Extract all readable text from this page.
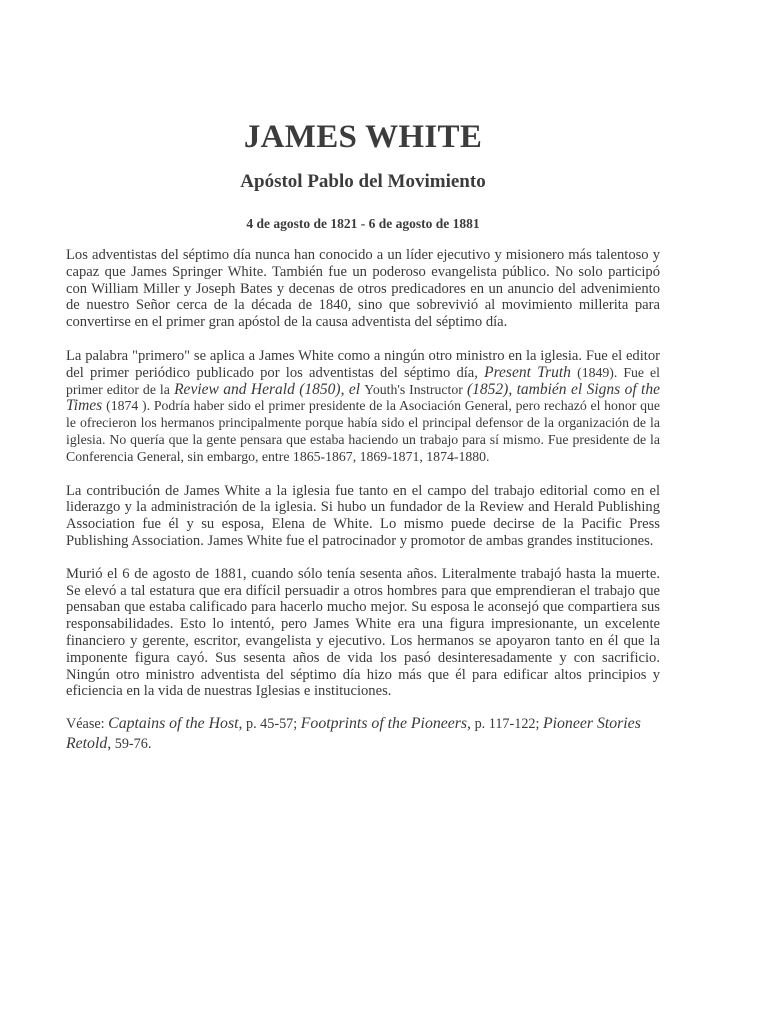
JAMES WHITE
Apóstol Pablo del Movimiento
4 de agosto de 1821 - 6 de agosto de 1881

Los adventistas del séptimo día nunca han conocido a un líder ejecutivo y misionero más talentoso y capaz que James Springer White. También fue un poderoso evangelista público. No solo participó con William Miller y Joseph Bates y decenas de otros predicadores en un anuncio del advenimiento de nuestro Señor cerca de la década de 1840, sino que sobrevivió al movimiento millerita para convertirse en el primer gran apóstol de la causa adventista del séptimo día.

La palabra "primero" se aplica a James White como a ningún otro ministro en la iglesia. Fue el editor del primer periódico publicado por los adventistas del séptimo día, Present Truth (1849). Fue el primer editor de la Review and Herald (1850), el Youth's Instructor (1852), también el Signs of the Times (1874 ). Podría haber sido el primer presidente de la Asociación General, pero rechazó el honor que le ofrecieron los hermanos principalmente porque había sido el principal defensor de la organización de la iglesia. No quería que la gente pensara que estaba haciendo un trabajo para sí mismo. Fue presidente de la Conferencia General, sin embargo, entre 1865-1867, 1869-1871, 1874-1880.

La contribución de James White a la iglesia fue tanto en el campo del trabajo editorial como en el liderazgo y la administración de la iglesia. Si hubo un fundador de la Review and Herald Publishing Association fue él y su esposa, Elena de White. Lo mismo puede decirse de la Pacific Press Publishing Association. James White fue el patrocinador y promotor de ambas grandes instituciones.

Murió el 6 de agosto de 1881, cuando sólo tenía sesenta años. Literalmente trabajó hasta la muerte. Se elevó a tal estatura que era difícil persuadir a otros hombres para que emprendieran el trabajo que pensaban que estaba calificado para hacerlo mucho mejor. Su esposa le aconsejó que compartiera sus responsabilidades. Esto lo intentó, pero James White era una figura impresionante, un excelente financiero y gerente, escritor, evangelista y ejecutivo. Los hermanos se apoyaron tanto en él que la imponente figura cayó. Sus sesenta años de vida los pasó desinteresadamente y con sacrificio. Ningún otro ministro adventista del séptimo día hizo más que él para edificar altos principios y eficiencia en la vida de nuestras Iglesias e instituciones.

Véase: Captains of the Host, p. 45-57; Footprints of the Pioneers, p. 117-122; Pioneer Stories Retold, 59-76.
